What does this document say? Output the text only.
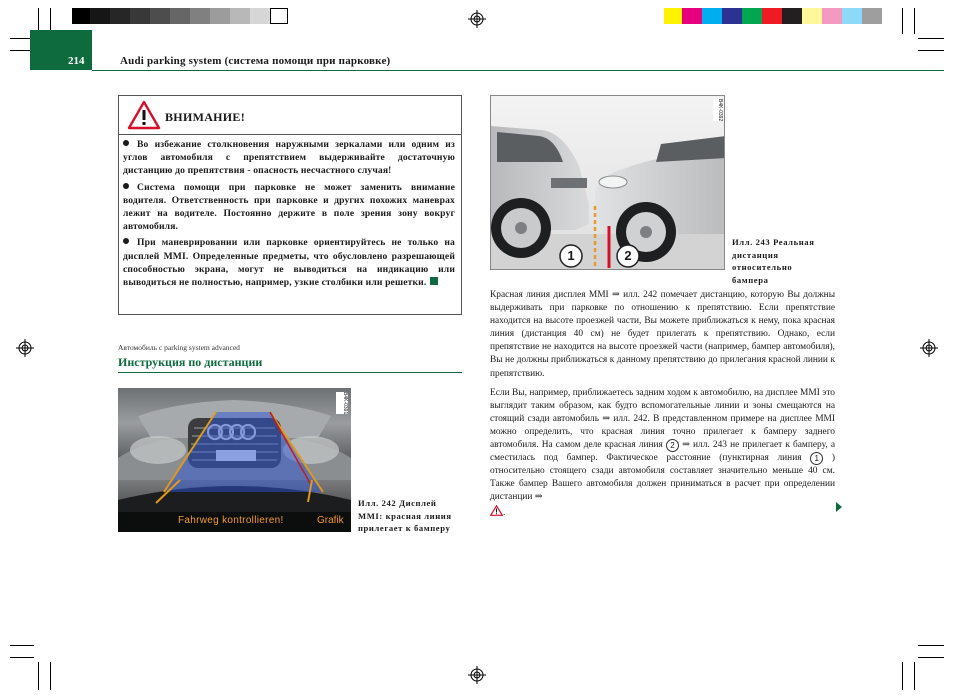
214	Audi parking system (система помощи при парковке)
ВНИМАНИЕ!

Во избежание столкновения наружными зеркалами или одним из углов автомобиля с препятствием выдерживайте достаточную дистанцию до препятствия - опасность несчастного случая!

Система помощи при парковке не может заменить внимание водителя. Ответственность при парковке и других похожих маневрах лежит на водителе. Постоянно держите в поле зрения зону вокруг автомобиля.

При маневрировании или парковке ориентируйтесь не только на дисплей MMI. Определенные предметы, что обусловлено разрешающей способностью экрана, могут не выводиться на индикацию или выводиться не полностью, например, узкие столбики или решетки.

Автомобиль с parking system advanced
Инструкция по дистанции
Fahrweg kontrollieren!	Grafik
B4K-0391
Илл. 242 Дисплей MMI: красная линия прилегает к бамперу
1	2
B4K-0392
Илл. 243 Реальная дистанция относительно бампера

Красная линия дисплея MMI ⇒ илл. 242 помечает дистанцию, которую Вы должны выдерживать при парковке по отношению к препятствию. Если препятствие находится на высоте проезжей части, Вы можете приближаться к нему, пока красная линия (дистанция 40 см) не будет прилегать к препятствию. Однако, если препятствие не находится на высоте проезжей части (например, бампер автомобиля), Вы не должны приближаться к данному препятствию до прилегания красной линии к препятствию.

Если Вы, например, приближаетесь задним ходом к автомобилю, на дисплее MMI это выглядит таким образом, как будто вспомогательные линии и зоны смещаются на стоящий сзади автомобиль ⇒ илл. 242. В представленном примере на дисплее MMI можно определить, что красная линия точно прилегает к бамперу заднего автомобиля. На самом деле красная линия 2 ⇒ илл. 243 не прилегает к бамперу, а сместилась под бампер. Фактическое расстояние (пунктирная линия 1 ) относительно стоящего сзади автомобиля составляет значительно меньше 40 см. Также бампер Вашего автомобиля должен приниматься в расчет при определении дистанции ⇒
.
